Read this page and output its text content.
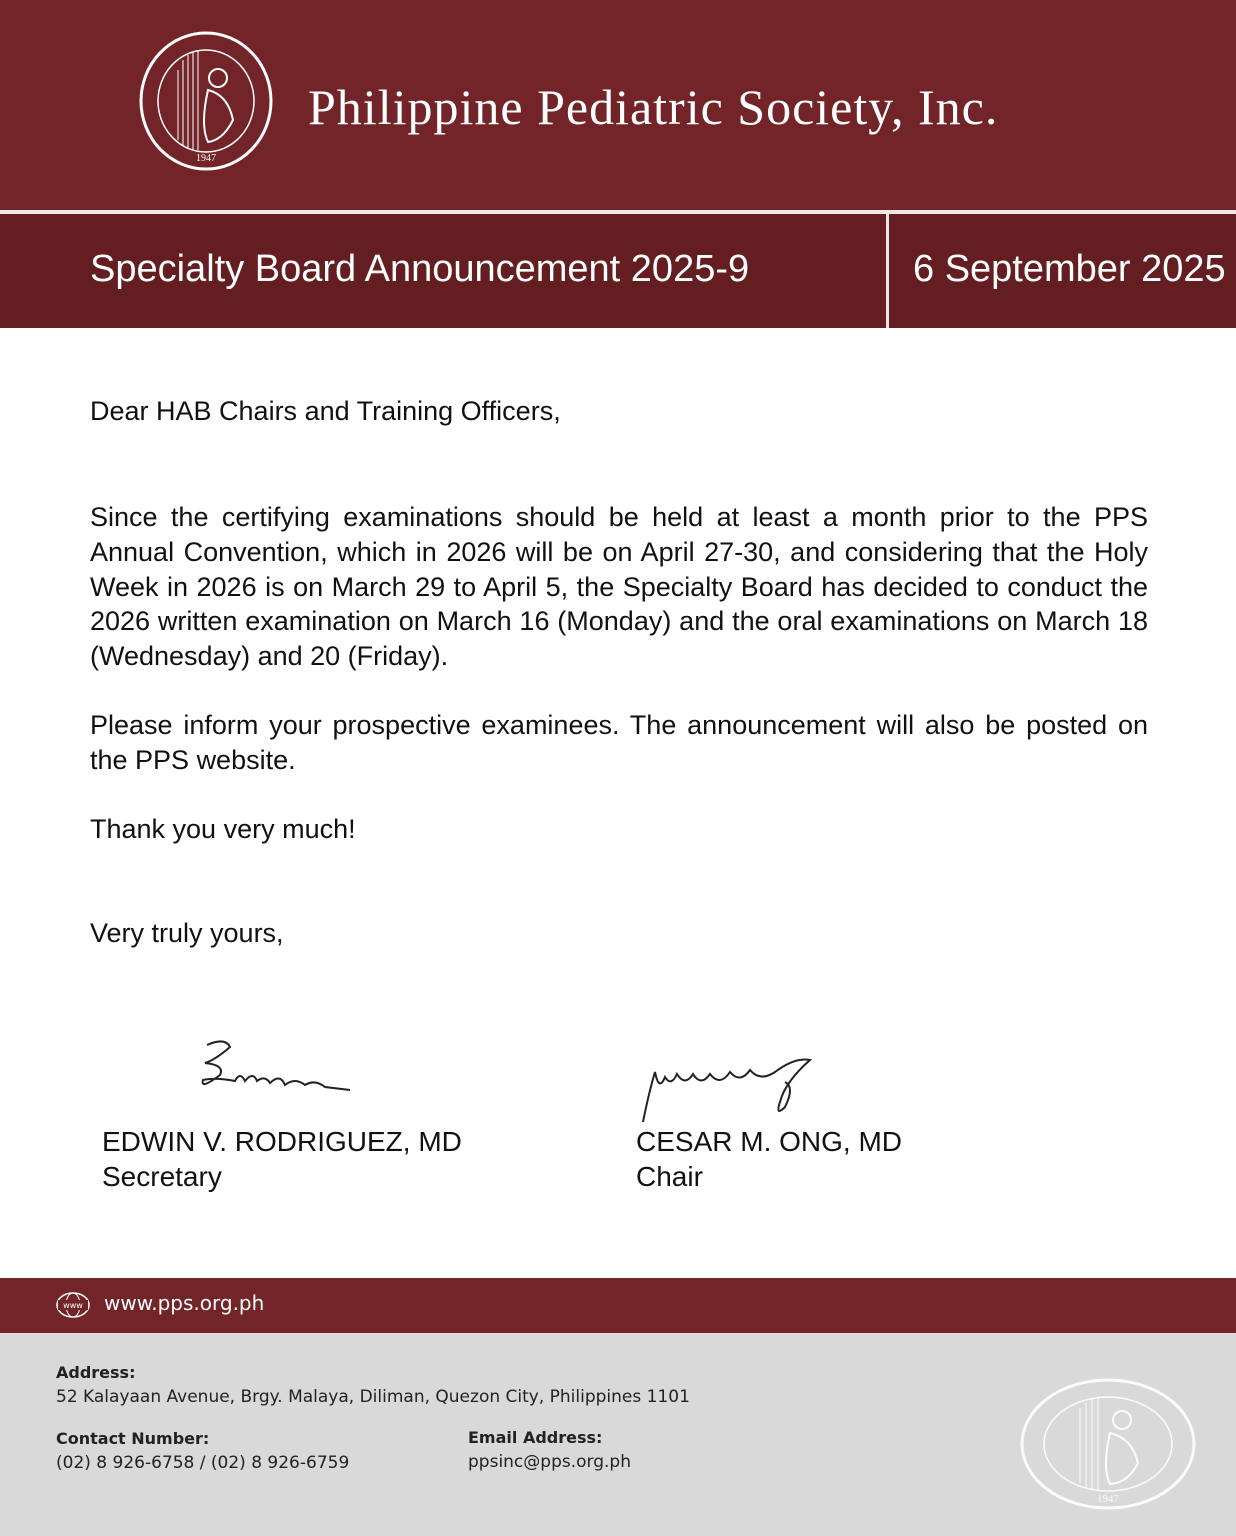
1947
Philippine Pediatric Society, Inc.
Specialty Board Announcement 2025-9	6 September 2025
Dear HAB Chairs and Training Officers,
Since the certifying examinations should be held at least a month prior to the PPS Annual Convention, which in 2026 will be on April 27-30, and considering that the Holy Week in 2026 is on March 29 to April 5, the Specialty Board has decided to conduct the 2026 written examination on March 16 (Monday) and the oral examinations on March 18 (Wednesday) and 20 (Friday).
Please inform your prospective examinees. The announcement will also be posted on the PPS website.
Thank you very much!
Very truly yours,
EDWIN V. RODRIGUEZ, MD
Secretary
CESAR M. ONG, MD
Chair
www www.pps.org.ph
Address:
52 Kalayaan Avenue, Brgy. Malaya, Diliman, Quezon City, Philippines 1101
Contact Number:
(02) 8 926-6758 / (02) 8 926-6759
Email Address:
ppsinc@pps.org.ph
1947
